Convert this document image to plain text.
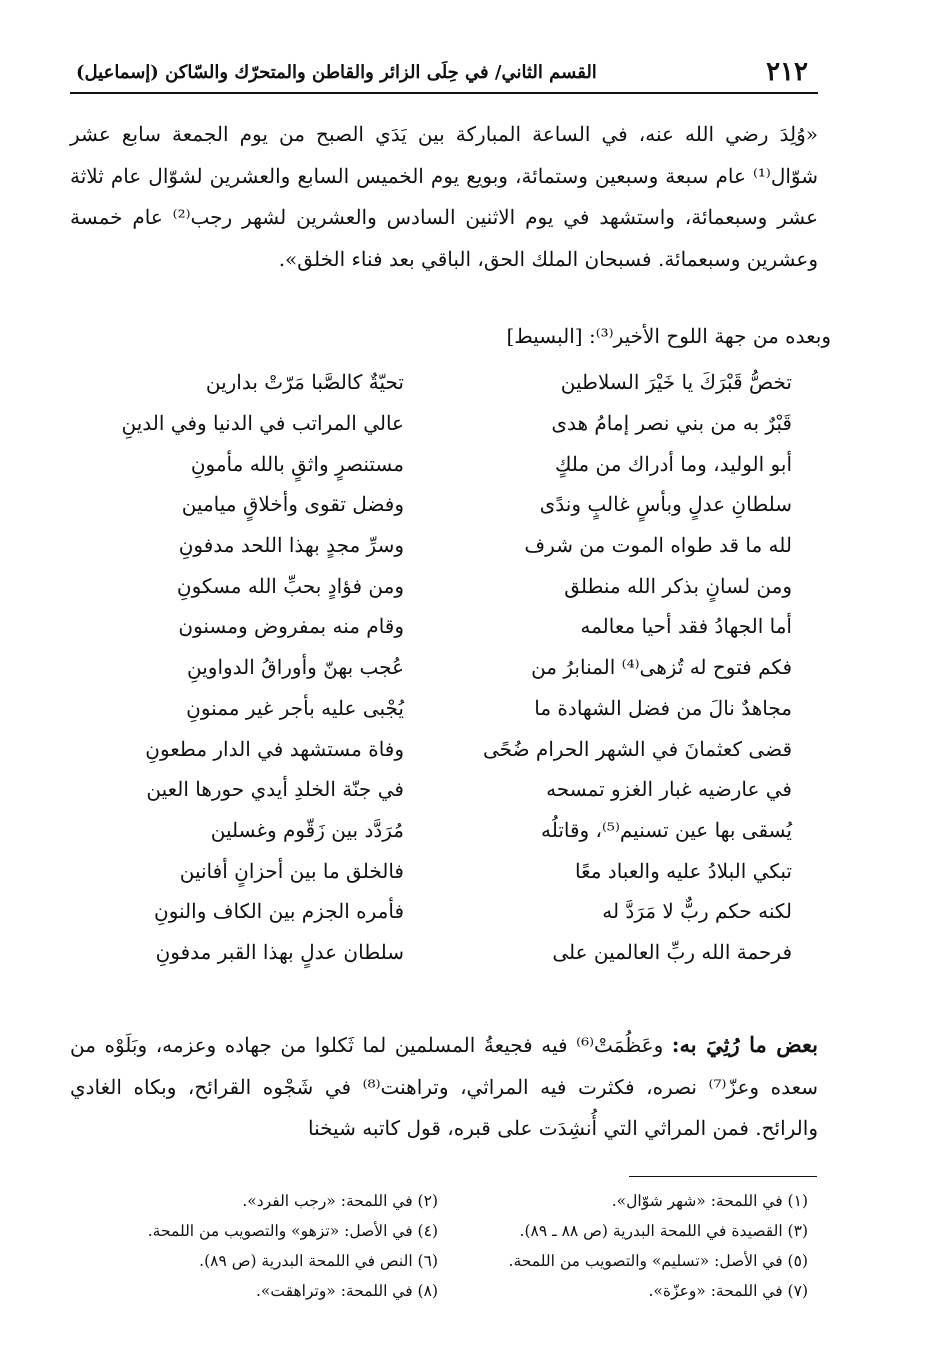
٢١٢
القسم الثاني/ في حِلَى الزائر والقاطن والمتحرّك والسّاكن (إسماعيل)

«وُلِدَ رضي الله عنه، في الساعة المباركة بين يَدَي الصبح من يوم الجمعة سابع عشر شوّال⁽¹⁾ عام سبعة وسبعين وستمائة، وبويع يوم الخميس السابع والعشرين لشوّال عام ثلاثة عشر وسبعمائة، واستشهد في يوم الاثنين السادس والعشرين لشهر رجب⁽²⁾ عام خمسة وعشرين وسبعمائة. فسبحان الملك الحق، الباقي بعد فناء الخلق».

وبعده من جهة اللوح الأخير⁽³⁾: [البسيط]
تخصُّ قَبْرَكَ يا خَيْرَ السلاطين
تحيّةٌ كالصَّبا مَرّتْ بدارين
قَبْرٌ به من بني نصر إمامُ هدى
عالي المراتب في الدنيا وفي الدينِ
أبو الوليد، وما أدراك من ملكٍ
مستنصرٍ واثقٍ بالله مأمونِ
سلطانِ عدلٍ وبأسٍ غالبٍ وندًى
وفضل تقوى وأخلاقٍ ميامين
لله ما قد طواه الموت من شرف
وسرِّ مجدٍ بهذا اللحد مدفونِ
ومن لسانٍ بذكر الله منطلق
ومن فؤادٍ بحبِّ الله مسكونِ
أما الجهادُ فقد أحيا معالمه
وقام منه بمفروض ومسنون
فكم فتوح له تُزهى⁽⁴⁾ المنابرُ من
عُجب بهنّ وأوراقُ الدواوينِ
مجاهدٌ نالَ من فضل الشهادة ما
يُجْبى عليه بأجر غير ممنونِ
قضى كعثمانَ في الشهر الحرام ضُحًى
وفاة مستشهد في الدار مطعونِ
في عارضيه غبار الغزو تمسحه
في جنّة الخلدِ أيدي حورها العين
يُسقى بها عين تسنيم⁽⁵⁾، وقاتلُه
مُرَدَّد بين زَقّوم وغسلين
تبكي البلادُ عليه والعباد معًا
فالخلق ما بين أحزانٍ أفانين
لكنه حكم ربٌّ لا مَرَدَّ له
فأمره الجزم بين الكاف والنونِ
فرحمة الله ربِّ العالمين على
سلطان عدلٍ بهذا القبر مدفونِ

بعض ما رُثِيَ به: وعَظُمَتْ⁽⁶⁾ فيه فجيعةُ المسلمين لما ثَكلوا من جهاده وعزمه، وبَلَوْه من سعده وعزّ⁽⁷⁾ نصره، فكثرت فيه المراثي، وتراهنت⁽⁸⁾ في شَجْوه القرائح، وبكاه الغادي والرائح. فمن المراثي التي أُنشِدَت على قبره، قول كاتبه شيخنا

(١) في اللمحة: «شهر شوّال».
(٢) في اللمحة: «رجب الفرد».
(٣) القصيدة في اللمحة البدرية (ص ٨٨ ـ ٨٩).
(٤) في الأصل: «تزهو» والتصويب من اللمحة.
(٥) في الأصل: «تسليم» والتصويب من اللمحة.
(٦) النص في اللمحة البدرية (ص ٨٩).
(٧) في اللمحة: «وعزّة».
(٨) في اللمحة: «وتراهقت».
